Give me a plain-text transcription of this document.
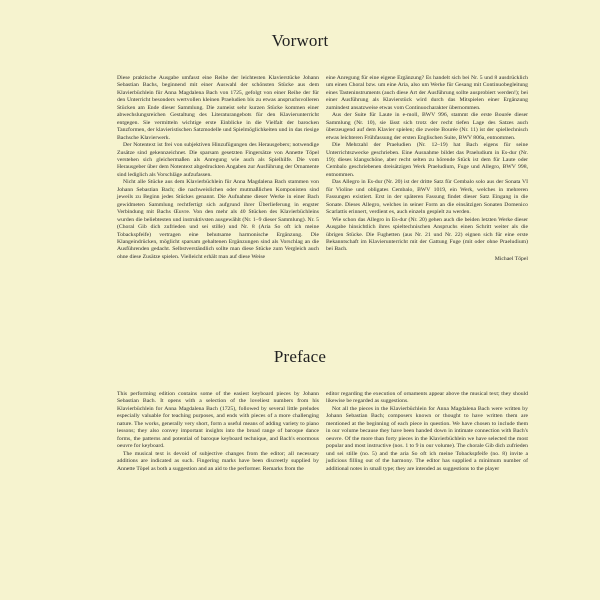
Vorwort

Diese praktische Ausgabe umfasst eine Reihe der leichtesten Klavierstücke Johann Sebastian Bachs, beginnend mit einer Auswahl der schönsten Stücke aus dem Klavierbüchlein für Anna Magdalena Bach von 1725, gefolgt von einer Reihe der für den Unterricht besonders wertvollen kleinen Praeludien bis zu etwas anspruchsvolleren Stücken am Ende dieser Sammlung. Die zumeist sehr kurzen Stücke kommen einer abwechslungsreichen Gestaltung des Literaturangebots für den Klavierunterricht entgegen. Sie vermitteln wichtige erste Einblicke in die Vielfalt der barocken Tanzformen, der klavieristischen Satzmodelle und Spielmöglichkeiten und in das riesige Bachsche Klavierwerk.

Der Notentext ist frei von subjektiven Hinzufügungen des Herausgebers; notwendige Zusätze sind gekennzeichnet. Die sparsam gesetzten Fingersätze von Annette Töpel verstehen sich gleichermaßen als Anregung wie auch als Spielhilfe. Die vom Herausgeber über dem Notentext abgedruckten Angaben zur Ausführung der Ornamente sind lediglich als Vorschläge aufzufassen.

Nicht alle Stücke aus dem Klavierbüchlein für Anna Magdalena Bach stammen von Johann Sebastian Bach; die nachweislichen oder mutmaßlichen Komponisten sind jeweils zu Beginn jedes Stückes genannt. Die Aufnahme dieser Werke in einer Bach gewidmeten Sammlung rechtfertigt sich aufgrund ihrer Überlieferung in engster Verbindung mit Bachs Œuvre. Von den mehr als 40 Stücken des Klavierbüchleins wurden die beliebtesten und instruktivsten ausgewählt (Nr. 1–9 dieser Sammlung). Nr. 5 (Choral Gib dich zufrieden und sei stille) und Nr. 8 (Aria So oft ich meine Tobackspfeife) vertragen eine behutsame harmonische Ergänzung. Die Klangeindrücken, möglicht sparsam gehaltenen Ergänzungen sind als Vorschlag an die Ausführenden gedacht. Selbstverständlich sollte man diese Stücke zum Vergleich auch ohne diese Zusätze spielen. Vielleicht erhält man auf diese Weise

eine Anregung für eine eigene Ergänzung? Es handelt sich bei Nr. 5 und 8 ausdrücklich um einen Choral bzw. um eine Aria, also um Werke für Gesang mit Continuobegleitung eines Tasteninstruments (auch diese Art der Ausführung sollte ausprobiert werden!); bei einer Ausführung als Klavierstück wird durch das Mitspielen einer Ergänzung zumindest ansatzweise etwas vom Continuocharakter übernommen.

Aus der Suite für Laute in e-moll, BWV 996, stammt die erste Bourée dieser Sammlung (Nr. 10), sie lässt sich trotz der recht tiefen Lage des Satzes auch überzeugend auf dem Klavier spielen; die zweite Bourée (Nr. 11) ist der spiellechnisch etwas leichteren Frühfassung der ersten Englischen Suite, BWV 806a, entnommen.

Die Mehrzahl der Praeludien (Nr. 12–19) hat Bach eigens für seine Unterrichtszwecke geschrieben. Eine Ausnahme bildet das Praeludium in Es-dur (Nr. 19); dieses klangschöne, aber recht selten zu hörende Stück ist dem für Laute oder Cembalo geschriebenen dreisätzigen Werk Praeludium, Fuge und Allegro, BWV 998, entnommen.

Das Allegro in Es-dur (Nr. 20) ist der dritte Satz für Cembalo solo aus der Sonata VI für Violine und obligates Cembalo, BWV 1019, ein Werk, welches in mehreren Fassungen existiert. Erst in der späteren Fassung findet dieser Satz Eingang in die Sonate. Dieses Allegro, welches in seiner Form an die einsätzigen Sonaten Domenico Scarlattis erinnert, verdient es, auch einzeln gespielt zu werden.

Wie schon das Allegro in Es-dur (Nr. 20) gehen auch die beiden letzten Werke dieser Ausgabe hinsichtlich ihres spieltechnischen Anspruchs einen Schritt weiter als die übrigen Stücke. Die Fughetten (aus Nr. 21 und Nr. 22) eignen sich für eine erste Bekanntschaft im Klavierunterricht mit der Gattung Fuge (mit oder ohne Praeludium) bei Bach.

Michael Töpel

Preface

This performing edition contains some of the easiest keyboard pieces by Johann Sebastian Bach. It opens with a selection of the loveliest numbers from his Klavierbüchlein for Anna Magdalena Bach (1725), followed by several little preludes especially valuable for teaching purposes, and ends with pieces of a more challenging nature. The works, generally very short, form a useful means of adding variety to piano lessons; they also convey important insights into the broad range of baroque dance forms, the patterns and potential of baroque keyboard technique, and Bach's enormous oeuvre for keyboard.

The musical text is devoid of subjective changes from the editor; all necessary additions are indicated as such. Fingering marks have been discreetly supplied by Annette Töpel as both a suggestion and an aid to the performer. Remarks from the

editor regarding the execution of ornaments appear above the musical text; they should likewise be regarded as suggestions.

Not all the pieces in the Klavierbüchlein for Anna Magdalena Bach were written by Johann Sebastian Bach; composers known or thought to have written them are mentioned at the beginning of each piece in question. We have chosen to include them in our volume because they have been handed down in intimate connection with Bach's oeuvre. Of the more than forty pieces in the Klavierbüchlein we have selected the most popular and most instructive (nos. 1 to 9 in our volume). The chorale Gib dich zufrieden und sei stille (no. 5) and the aria So oft ich meine Tobackspfeife (no. 8) invite a judicious filling out of the harmony. The editor has supplied a minimum number of additional notes in small type; they are intended as suggestions to the player
